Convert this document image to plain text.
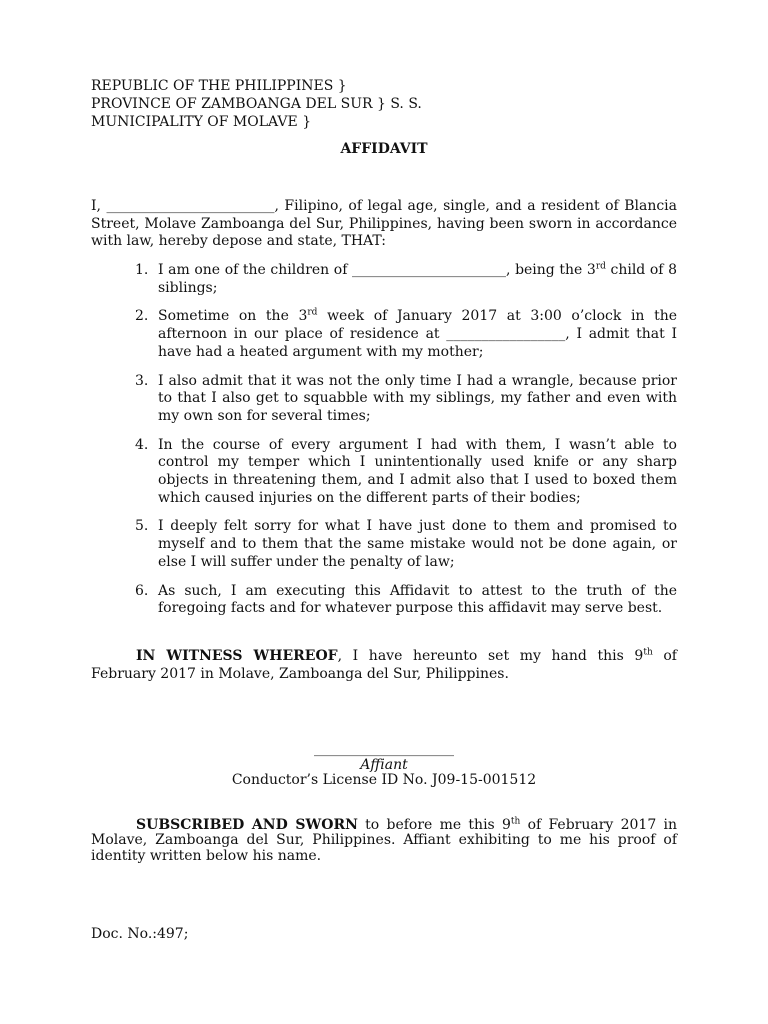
REPUBLIC OF THE PHILIPPINES }
PROVINCE OF ZAMBOANGA DEL SUR } S. S.
MUNICIPALITY OF MOLAVE }
AFFIDAVIT
I, ________________________, Filipino, of legal age, single, and a resident of Blancia Street, Molave Zamboanga del Sur, Philippines, having been sworn in accordance with law, hereby depose and state, THAT:
1. I am one of the children of ______________________, being the 3rd child of 8 siblings;
2. Sometime on the 3rd week of January 2017 at 3:00 o’clock in the afternoon in our place of residence at _________________, I admit that I have had a heated argument with my mother;
3. I also admit that it was not the only time I had a wrangle, because prior to that I also get to squabble with my siblings, my father and even with my own son for several times;
4. In the course of every argument I had with them, I wasn’t able to control my temper which I unintentionally used knife or any sharp objects in threatening them, and I admit also that I used to boxed them which caused injuries on the different parts of their bodies;
5. I deeply felt sorry for what I have just done to them and promised to myself and to them that the same mistake would not be done again, or else I will suffer under the penalty of law;
6. As such, I am executing this Affidavit to attest to the truth of the foregoing facts and for whatever purpose this affidavit may serve best.
IN WITNESS WHEREOF, I have hereunto set my hand this 9th of February 2017 in Molave, Zamboanga del Sur, Philippines.
____________________
Affiant
Conductor’s License ID No. J09-15-001512
SUBSCRIBED AND SWORN to before me this 9th of February 2017 in Molave, Zamboanga del Sur, Philippines. Affiant exhibiting to me his proof of identity written below his name.
Doc. No.:497;
